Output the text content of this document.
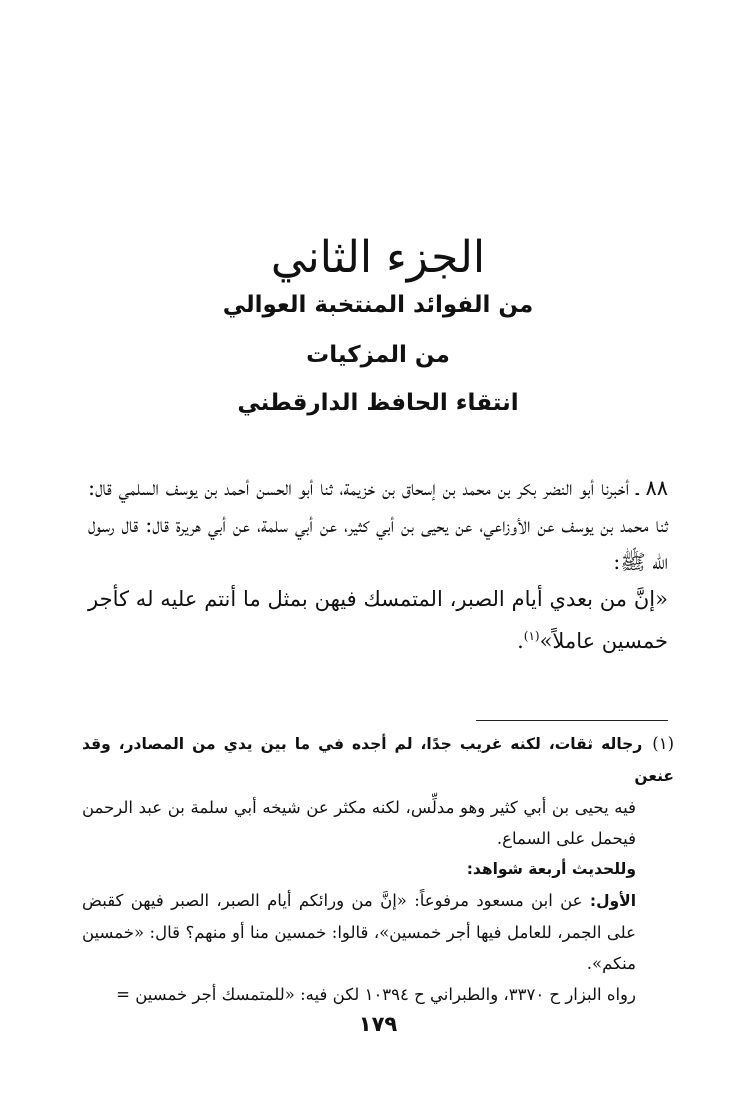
الجزء الثاني
من الفوائد المنتخبة العوالي
من المزكيات
انتقاء الحافظ الدارقطني

٨٨ ـ أخبرنا أبو النضر بكر بن محمد بن إسحاق بن خزيمة، ثنا أبو الحسن أحمد بن يوسف السلمي قال: ثنا محمد بن يوسف عن الأوزاعي، عن يحيى بن أبي كثير، عن أبي سلمة، عن أبي هريرة قال: قال رسول الله ﷺ:

«إنَّ من بعدي أيام الصبر، المتمسك فيهن بمثل ما أنتم عليه له كأجر خمسين عاملاً»$^{(١)}$.

(١)رجاله ثقات، لكنه غريب جدًا، لم أجده في ما بين يدي من المصادر، وقد عنعن

فيه يحيى بن أبي كثير وهو مدلِّس، لكنه مكثر عن شيخه أبي سلمة بن عبد الرحمن فيحمل على السماع.

وللحديث أربعة شواهد:

الأول: عن ابن مسعود مرفوعاً: «إنَّ من ورائكم أيام الصبر، الصبر فيهن كقبض على الجمر، للعامل فيها أجر خمسين»، قالوا: خمسين منا أو منهم؟ قال: «خمسين منكم».

رواه البزار ح ٣٣٧٠، والطبراني ح ١٠٣٩٤ لكن فيه: «للمتمسك أجر خمسين =

١٧٩
